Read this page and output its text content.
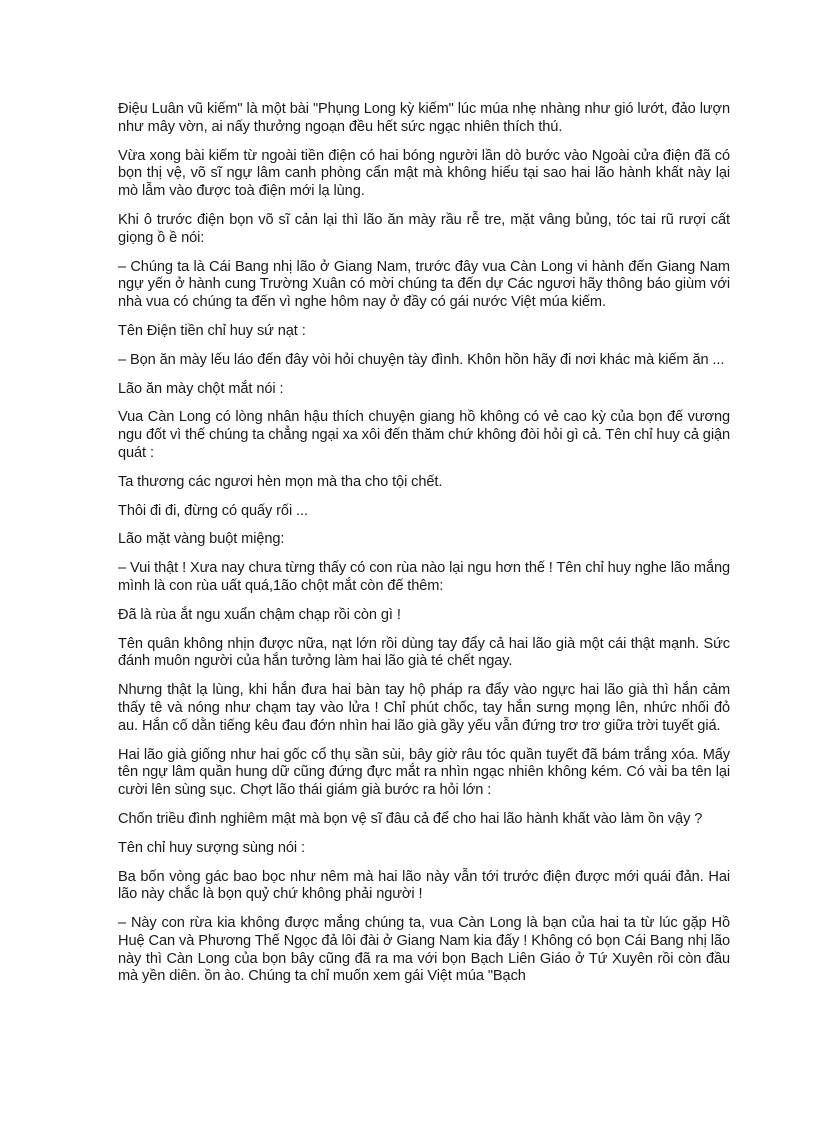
Điệu Luân vũ kiếm" là một bài "Phụng Long kỳ kiếm" lúc múa nhẹ nhàng như gió lướt, đảo lượn như mây vờn, ai nấy thưởng ngoạn đều hết sức ngạc nhiên thích thú.

Vừa xong bài kiếm từ ngoài tiền điện có hai bóng người lần dò bước vào Ngoài cửa điện đã có bọn thị vệ, võ sĩ ngự lâm canh phòng cẩn mật mà không hiểu tại sao hai lão hành khất này lại mò lẫm vào được toà điện mới lạ lùng.

Khi ô trước điện bọn võ sĩ cản lại thì lão ăn mày rầu rễ tre, mặt vâng bủng, tóc tai rũ rượi cất giọng ồ ề nói:

– Chúng ta là Cái Bang nhị lão ở Giang Nam, trước đây vua Càn Long vi hành đến Giang Nam ngự yến ở hành cung Trường Xuân có mời chúng ta đến dự Các ngươi hãy thông báo giùm với nhà vua có chúng ta đến vì nghe hôm nay ở đầy có gái nước Việt múa kiếm.

Tên Điện tiền chỉ huy sứ nạt :

– Bọn ăn mày lếu láo đến đây vòi hỏi chuyện tày đình. Khôn hồn hãy đi nơi khác mà kiếm ăn ...

Lão ăn mày chột mắt nói :

Vua Càn Long có lòng nhân hậu thích chuyện giang hồ không có vẻ cao kỳ của bọn đế vương ngu đốt vì thế chúng ta chẳng ngại xa xôi đến thăm chứ không đòi hỏi gì cả. Tên chỉ huy cả giận quát :

Ta thương các ngươi hèn mọn mà tha cho tội chết.

Thôi đi đi, đừng có quấy rối ...

Lão mặt vàng buột miệng:

– Vui thật ! Xưa nay chưa từng thấy có con rùa nào lại ngu hơn thế ! Tên chỉ huy nghe lão mắng mình là con rùa uất quá,1ão chột mắt còn đế thêm:

Đã là rùa ắt ngu xuẩn chậm chạp rồi còn gì !

Tên quân không nhịn được nữa, nạt lớn rồi dùng tay đẩy cả hai lão già một cái thật mạnh. Sức đánh muôn người của hắn tưởng làm hai lão già té chết ngay.

Nhưng thật lạ lùng, khi hắn đưa hai bàn tay hộ pháp ra đẩy vào ngực hai lão già thì hắn cảm thấy tê và nóng như chạm tay vào lửa ! Chỉ phút chốc, tay hắn sưng mọng lên, nhức nhối đỏ au. Hắn cố dằn tiếng kêu đau đớn nhìn hai lão già gầy yếu vẫn đứng trơ trơ giữa trời tuyết giá.

Hai lão già giống như hai gốc cổ thụ sần sùi, bây giờ râu tóc quần tuyết đã bám trắng xóa. Mấy tên ngự lâm quần hung dữ cũng đứng đực mắt ra nhìn ngạc nhiên không kém. Có vài ba tên lại cười lên sùng sục. Chợt lão thái giám già bước ra hỏi lớn :

Chốn triều đình nghiêm mật mà bọn vệ sĩ đâu cả để cho hai lão hành khất vào làm ồn vậy ?

Tên chỉ huy sượng sùng nói :

Ba bốn vòng gác bao bọc như nêm mà hai lão này vẫn tới trước điện được mới quái đản. Hai lão này chắc là bọn quỷ chứ không phải người !

– Này con rừa kia không được mắng chúng ta, vua Càn Long là bạn của hai ta từ lúc gặp Hồ Huệ Can và Phương Thế Ngọc đả lôi đài ở Giang Nam kia đấy ! Không có bọn Cái Bang nhị lão này thì Càn Long của bọn bây cũng đã ra ma với bọn Bạch Liên Giáo ở Tứ Xuyên rồi còn đầu mà yền diên. ồn ào. Chúng ta chỉ muốn xem gái Việt múa "Bạch
